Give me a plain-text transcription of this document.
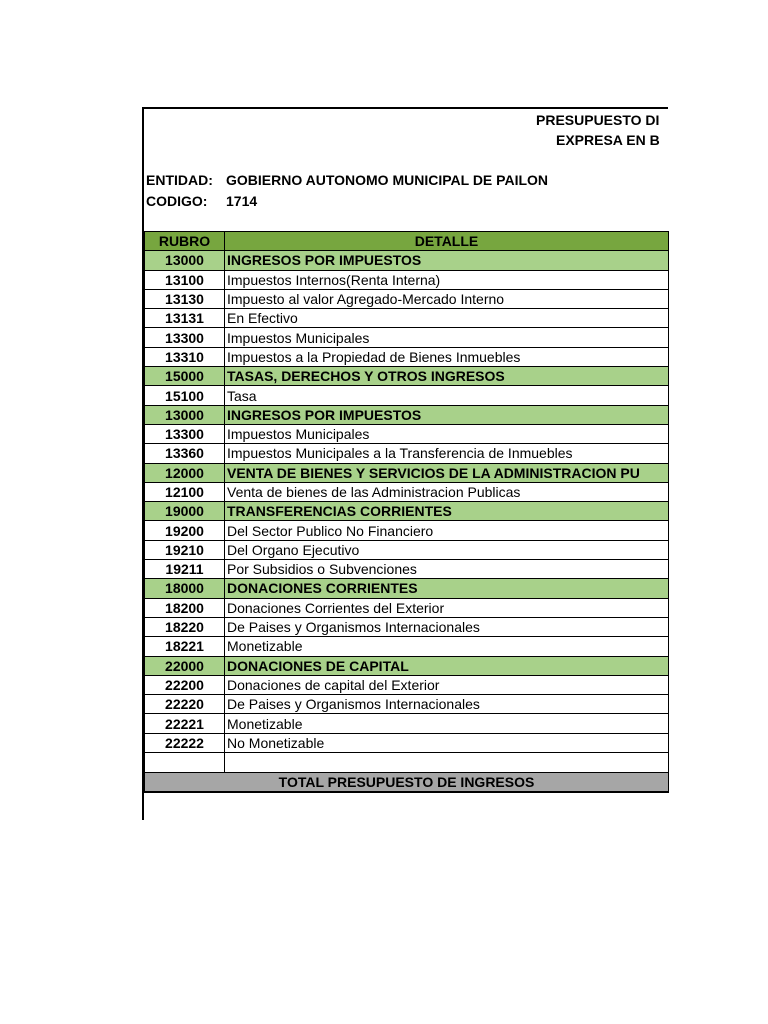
PRESUPUESTO DI
EXPRESA EN B
ENTIDAD: GOBIERNO AUTONOMO MUNICIPAL DE PAILON
CODIGO: 1714
RUBRO	DETALLE
13000	INGRESOS POR IMPUESTOS
13100	Impuestos Internos(Renta Interna)
13130	Impuesto al valor Agregado-Mercado Interno
13131	En Efectivo
13300	Impuestos Municipales
13310	Impuestos a la Propiedad de Bienes Inmuebles
15000	TASAS, DERECHOS Y OTROS INGRESOS
15100	Tasa
13000	INGRESOS POR IMPUESTOS
13300	Impuestos Municipales
13360	Impuestos Municipales a la Transferencia de Inmuebles
12000	VENTA DE BIENES Y SERVICIOS DE LA ADMINISTRACION PU
12100	Venta de bienes de las Administracion Publicas
19000	TRANSFERENCIAS CORRIENTES
19200	Del Sector Publico No Financiero
19210	Del Organo Ejecutivo
19211	Por Subsidios o Subvenciones
18000	DONACIONES CORRIENTES
18200	Donaciones Corrientes del Exterior
18220	De Paises y Organismos Internacionales
18221	Monetizable
22000	DONACIONES DE CAPITAL
22200	Donaciones de capital del Exterior
22220	De Paises y Organismos Internacionales
22221	Monetizable
22222	No Monetizable

TOTAL PRESUPUESTO DE INGRESOS	
